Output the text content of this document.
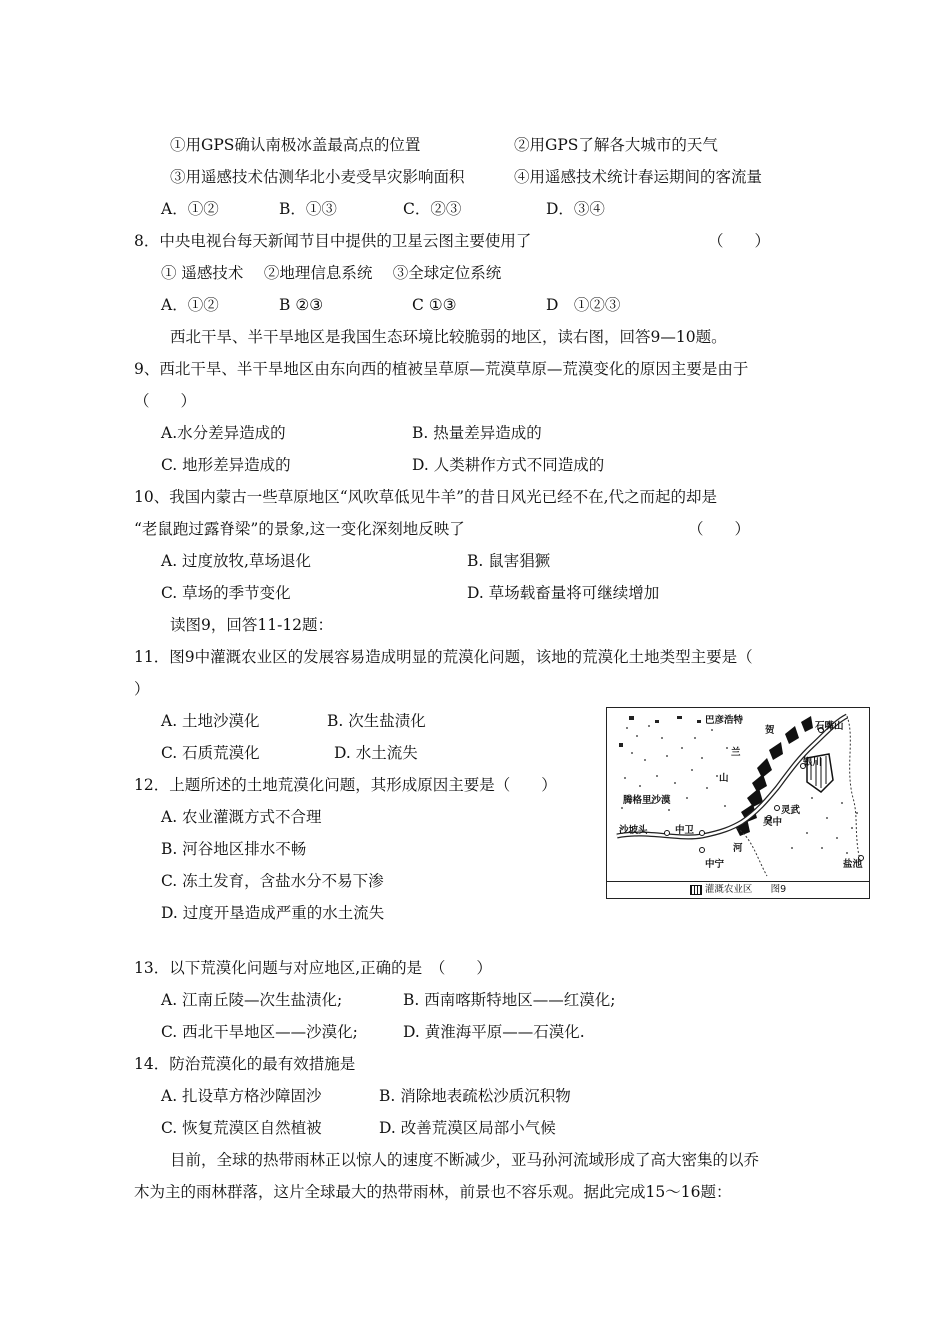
①用GPS确认南极冰盖最高点的位置	②用GPS了解各大城市的天气
③用遥感技术估测华北小麦受旱灾影响面积	④用遥感技术统计春运期间的客流量
A．①②	B．①③	C．②③	D．③④
8．中央电视台每天新闻节目中提供的卫星云图主要使用了	（　　）
① 遥感技术　 ②地理信息系统　 ③全球定位系统
A．①②	B ②③	C ①③	D　①②③
西北干旱、半干旱地区是我国生态环境比较脆弱的地区，读右图，回答9—10题。
9、西北干旱、半干旱地区由东向西的植被呈草原—荒漠草原—荒漠变化的原因主要是由于
（　　）
A.水分差异造成的	B. 热量差异造成的
C. 地形差异造成的	D. 人类耕作方式不同造成的
10、我国内蒙古一些草原地区“风吹草低见牛羊”的昔日风光已经不在,代之而起的却是
“老鼠跑过露脊梁”的景象,这一变化深刻地反映了	（　　）
A. 过度放牧,草场退化	B. 鼠害猖獗
C. 草场的季节变化	D. 草场载畜量将可继续增加
读图9，回答11-12题：
11．图9中灌溉农业区的发展容易造成明显的荒漠化问题，该地的荒漠化土地类型主要是（
）
A. 土地沙漠化	B. 次生盐渍化
C. 石质荒漠化	D. 水土流失
12．上题所述的土地荒漠化问题，其形成原因主要是（　　）
A. 农业灌溉方式不合理
B. 河谷地区排水不畅
C. 冻土发育，含盐水分不易下渗
D. 过度开垦造成严重的水土流失
巴彦浩特
贺	石嘴山
兰
银川
山
腾格里沙漠
灵武
吴中
沙坡头	中卫
河
中宁	盐池
灌溉农业区 图9
13．以下荒漠化问题与对应地区,正确的是　（　　）
A. 江南丘陵—次生盐渍化;	B. 西南喀斯特地区——红漠化;
C. 西北干旱地区——沙漠化;	D. 黄淮海平原——石漠化.
14．防治荒漠化的最有效措施是
A. 扎设草方格沙障固沙	B. 消除地表疏松沙质沉积物
C. 恢复荒漠区自然植被	D. 改善荒漠区局部小气候
目前，全球的热带雨林正以惊人的速度不断减少，亚马孙河流域形成了高大密集的以乔
木为主的雨林群落，这片全球最大的热带雨林，前景也不容乐观。据此完成15～16题：
